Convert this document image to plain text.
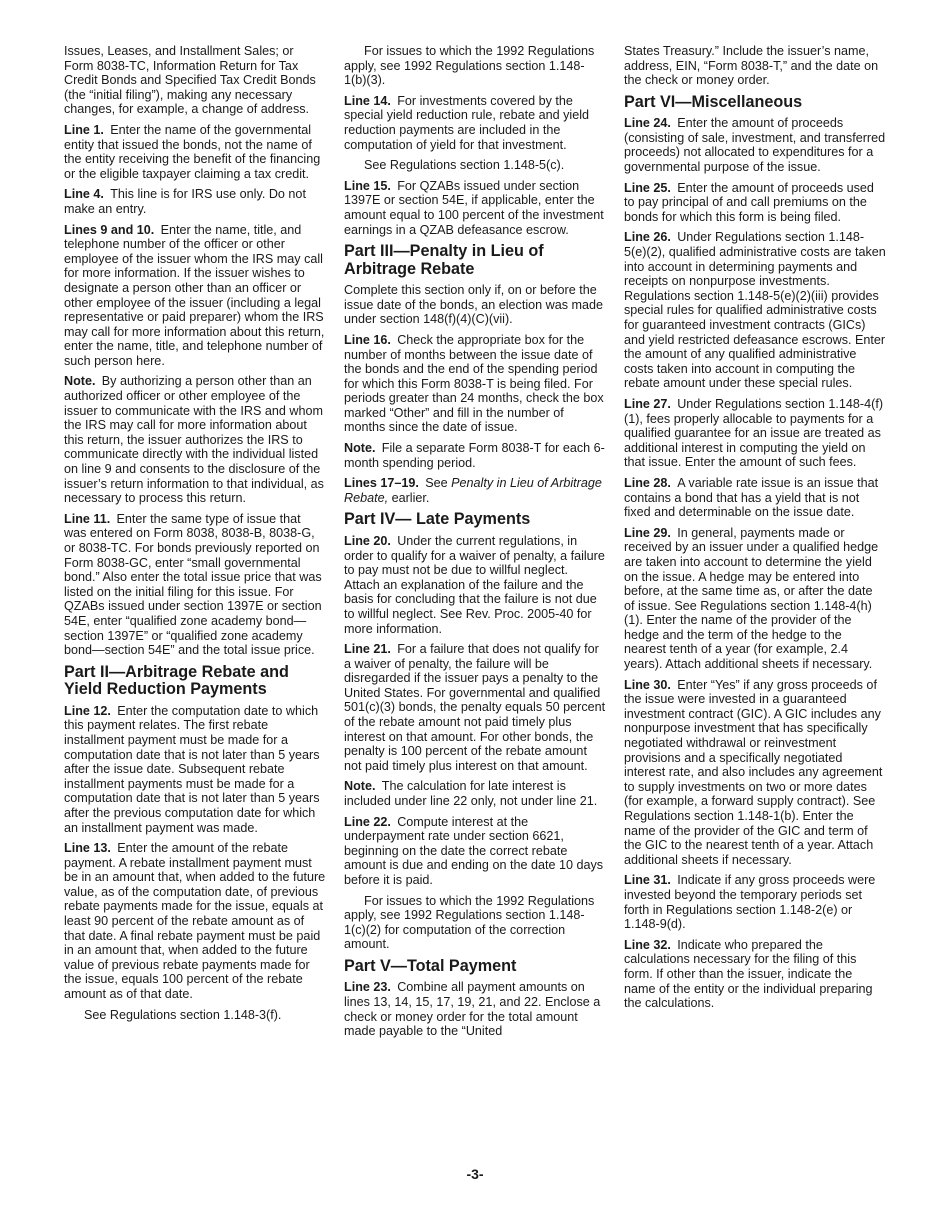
Issues, Leases, and Installment Sales; or Form 8038-TC, Information Return for Tax Credit Bonds and Specified Tax Credit Bonds (the “initial filing”), making any necessary changes, for example, a change of address.
Line 1.  Enter the name of the governmental entity that issued the bonds, not the name of the entity receiving the benefit of the financing or the eligible taxpayer claiming a tax credit.
Line 4.  This line is for IRS use only. Do not make an entry.
Lines 9 and 10.  Enter the name, title, and telephone number of the officer or other employee of the issuer whom the IRS may call for more information. If the issuer wishes to designate a person other than an officer or other employee of the issuer (including a legal representative or paid preparer) whom the IRS may call for more information about this return, enter the name, title, and telephone number of such person here.
Note.  By authorizing a person other than an authorized officer or other employee of the issuer to communicate with the IRS and whom the IRS may call for more information about this return, the issuer authorizes the IRS to communicate directly with the individual listed on line 9 and consents to the disclosure of the issuer’s return information to that individual, as necessary to process this return.
Line 11.  Enter the same type of issue that was entered on Form 8038, 8038-B, 8038-G, or 8038-TC. For bonds previously reported on Form 8038-GC, enter “small governmental bond.” Also enter the total issue price that was listed on the initial filing for this issue. For QZABs issued under section 1397E or section 54E, enter “qualified zone academy bond—section 1397E” or “qualified zone academy bond—section 54E” and the total issue price.
Part II—Arbitrage Rebate and Yield Reduction Payments
Line 12.  Enter the computation date to which this payment relates. The first rebate installment payment must be made for a computation date that is not later than 5 years after the issue date. Subsequent rebate installment payments must be made for a computation date that is not later than 5 years after the previous computation date for which an installment payment was made.
Line 13.  Enter the amount of the rebate payment. A rebate installment payment must be in an amount that, when added to the future value, as of the computation date, of previous rebate payments made for the issue, equals at least 90 percent of the rebate amount as of that date. A final rebate payment must be paid in an amount that, when added to the future value of previous rebate payments made for the issue, equals 100 percent of the rebate amount as of that date.
See Regulations section 1.148-3(f).
For issues to which the 1992 Regulations apply, see 1992 Regulations section 1.148-1(b)(3).
Line 14.  For investments covered by the special yield reduction rule, rebate and yield reduction payments are included in the computation of yield for that investment.
See Regulations section 1.148-5(c).
Line 15.  For QZABs issued under section 1397E or section 54E, if applicable, enter the amount equal to 100 percent of the investment earnings in a QZAB defeasance escrow.
Part III—Penalty in Lieu of Arbitrage Rebate
Complete this section only if, on or before the issue date of the bonds, an election was made under section 148(f)(4)(C)(vii).
Line 16.  Check the appropriate box for the number of months between the issue date of the bonds and the end of the spending period for which this Form 8038-T is being filed. For periods greater than 24 months, check the box marked “Other” and fill in the number of months since the date of issue.
Note.  File a separate Form 8038-T for each 6-month spending period.
Lines 17–19.  See Penalty in Lieu of Arbitrage Rebate, earlier.
Part IV— Late Payments
Line 20.  Under the current regulations, in order to qualify for a waiver of penalty, a failure to pay must not be due to willful neglect. Attach an explanation of the failure and the basis for concluding that the failure is not due to willful neglect. See Rev. Proc. 2005-40 for more information.
Line 21.  For a failure that does not qualify for a waiver of penalty, the failure will be disregarded if the issuer pays a penalty to the United States. For governmental and qualified 501(c)(3) bonds, the penalty equals 50 percent of the rebate amount not paid timely plus interest on that amount. For other bonds, the penalty is 100 percent of the rebate amount not paid timely plus interest on that amount.
Note.  The calculation for late interest is included under line 22 only, not under line 21.
Line 22.  Compute interest at the underpayment rate under section 6621, beginning on the date the correct rebate amount is due and ending on the date 10 days before it is paid.
For issues to which the 1992 Regulations apply, see 1992 Regulations section 1.148-1(c)(2) for computation of the correction amount.
Part V—Total Payment
Line 23.  Combine all payment amounts on lines 13, 14, 15, 17, 19, 21, and 22. Enclose a check or money order for the total amount made payable to the “United
States Treasury.” Include the issuer’s name, address, EIN, “Form 8038-T,” and the date on the check or money order.
Part VI—Miscellaneous
Line 24.  Enter the amount of proceeds (consisting of sale, investment, and transferred proceeds) not allocated to expenditures for a governmental purpose of the issue.
Line 25.  Enter the amount of proceeds used to pay principal of and call premiums on the bonds for which this form is being filed.
Line 26.  Under Regulations section 1.148-5(e)(2), qualified administrative costs are taken into account in determining payments and receipts on nonpurpose investments. Regulations section 1.148-5(e)(2)(iii) provides special rules for qualified administrative costs for guaranteed investment contracts (GICs) and yield restricted defeasance escrows. Enter the amount of any qualified administrative costs taken into account in computing the rebate amount under these special rules.
Line 27.  Under Regulations section 1.148-4(f)(1), fees properly allocable to payments for a qualified guarantee for an issue are treated as additional interest in computing the yield on that issue. Enter the amount of such fees.
Line 28.  A variable rate issue is an issue that contains a bond that has a yield that is not fixed and determinable on the issue date.
Line 29.  In general, payments made or received by an issuer under a qualified hedge are taken into account to determine the yield on the issue. A hedge may be entered into before, at the same time as, or after the date of issue. See Regulations section 1.148-4(h)(1). Enter the name of the provider of the hedge and the term of the hedge to the nearest tenth of a year (for example, 2.4 years). Attach additional sheets if necessary.
Line 30.  Enter “Yes” if any gross proceeds of the issue were invested in a guaranteed investment contract (GIC). A GIC includes any nonpurpose investment that has specifically negotiated withdrawal or reinvestment provisions and a specifically negotiated interest rate, and also includes any agreement to supply investments on two or more dates (for example, a forward supply contract). See Regulations section 1.148-1(b). Enter the name of the provider of the GIC and term of the GIC to the nearest tenth of a year. Attach additional sheets if necessary.
Line 31.  Indicate if any gross proceeds were invested beyond the temporary periods set forth in Regulations section 1.148-2(e) or 1.148-9(d).
Line 32.  Indicate who prepared the calculations necessary for the filing of this form. If other than the issuer, indicate the name of the entity or the individual preparing the calculations.
-3-
